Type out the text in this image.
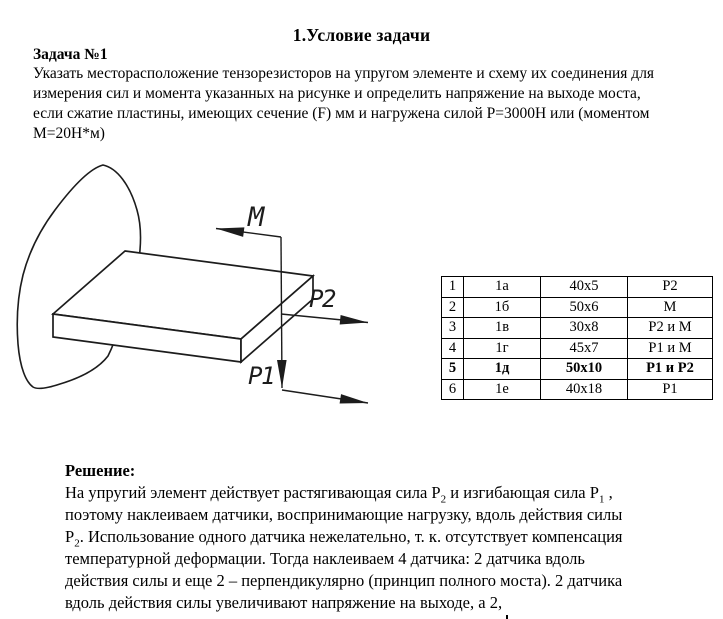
1.Условие задачи
Задача №1
Указать месторасположение тензорезисторов на упругом элементе и схему их соединения для
измерения сил и момента указанных на рисунке и определить напряжение на выходе моста,
если сжатие пластины, имеющих сечение (F) мм и нагружена силой Р=3000Н или (моментом
М=20Н*м)
M
P2
P1
1	1а	40x5	Р2
2	1б	50x6	М
3	1в	30x8	Р2 и М
4	1г	45x7	Р1 и М
5	1д	50x10	Р1 и Р2
6	1е	40x18	Р1
Решение:
На упругий элемент действует растягивающая сила $Р_2$ и изгибающая сила $Р_1$ ,
поэтому наклеиваем датчики, воспринимающие нагрузку, вдоль действия силы
$Р_2$. Использование одного датчика нежелательно, т. к. отсутствует компенсация
температурной деформации. Тогда наклеиваем 4 датчика: 2 датчика вдоль
действия силы и еще 2 – перпендикулярно (принцип полного моста). 2 датчика
вдоль действия силы увеличивают напряжение на выходе, а 2,
